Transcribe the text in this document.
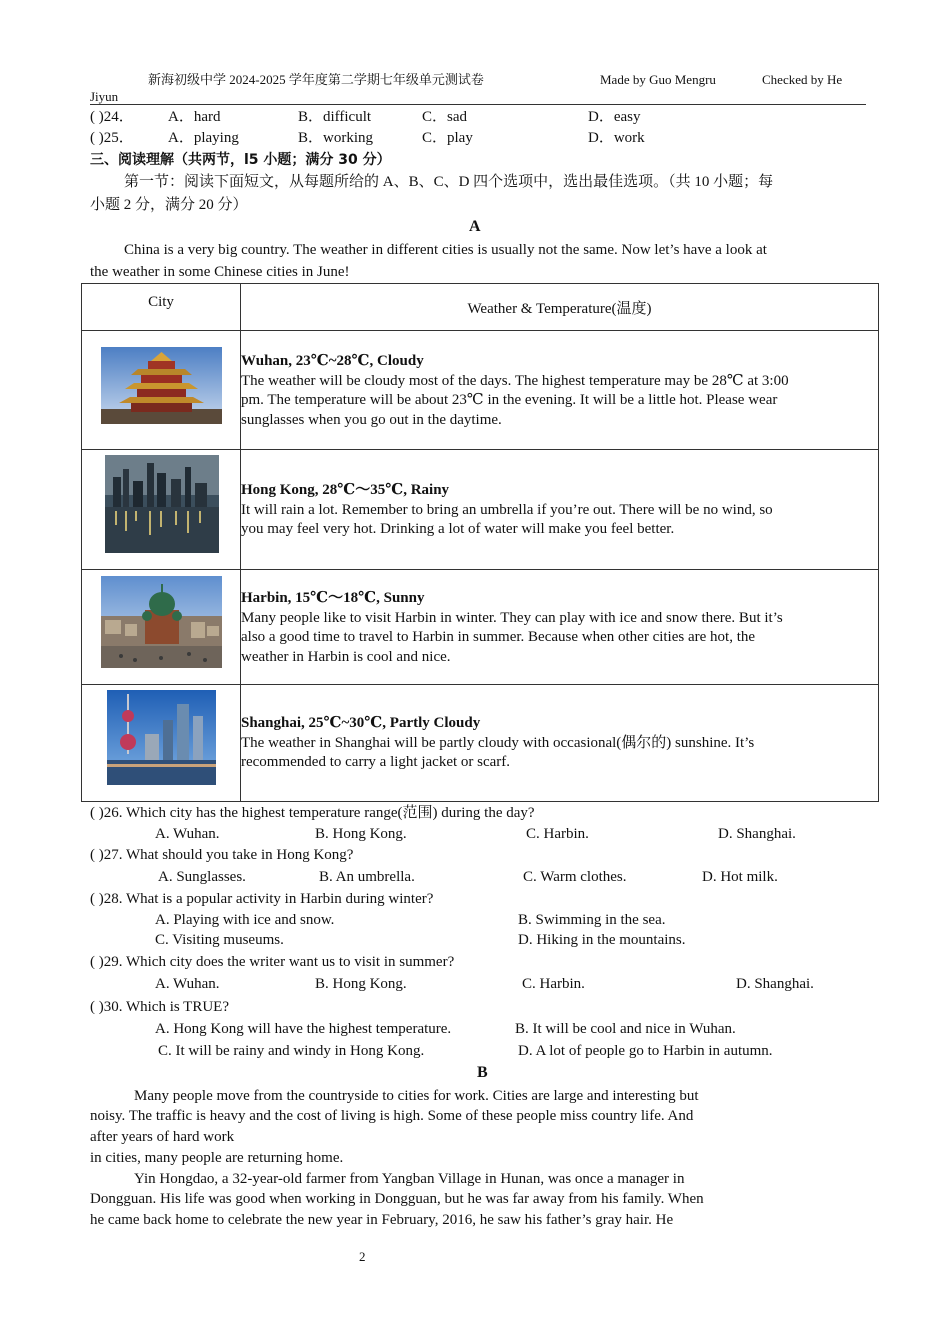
新海初级中学 2024-2025 学年度第二学期七年级单元测试卷	Made by Guo Mengru	Checked by He
Jiyun
( )24． A．hard	B．difficult	C．sad	D．easy
( )25． A．playing	B．working	C．play	D．work
三、阅读理解（共两节，l5 小题；满分 30 分）
第一节：阅读下面短文，从每题所给的 A、B、C、D 四个选项中，选出最佳选项。（共 10 小题；每
小题 2 分，满分 20 分）
A
China is a very big country. The weather in different cities is usually not the same. Now let’s have a look at
the weather in some Chinese cities in June!
City	Weather & Temperature(温度)

Wuhan, 23℃~28℃, Cloudy
The weather will be cloudy most of the days. The highest temperature may be 28℃ at 3:00
pm. The temperature will be about 23℃ in the evening. It will be a little hot. Please wear
sunglasses when you go out in the daytime.

Hong Kong, 28℃～35℃, Rainy
It will rain a lot. Remember to bring an umbrella if you’re out. There will be no wind, so
you may feel very hot. Drinking a lot of water will make you feel better.

Harbin, 15℃～18℃, Sunny
Many people like to visit Harbin in winter. They can play with ice and snow there. But it’s
also a good time to travel to Harbin in summer. Because when other cities are hot, the
weather in Harbin is cool and nice.

Shanghai, 25℃~30℃, Partly Cloudy
The weather in Shanghai will be partly cloudy with occasional(偶尔的) sunshine. It’s
recommended to carry a light jacket or scarf.
( )26. Which city has the highest temperature range(范围) during the day?
A. Wuhan.	B. Hong Kong.	C. Harbin.	D. Shanghai.
( )27. What should you take in Hong Kong?
A. Sunglasses.	B. An umbrella.	C. Warm clothes.	D. Hot milk.
( )28. What is a popular activity in Harbin during winter?
A. Playing with ice and snow.	B. Swimming in the sea.
C. Visiting museums.	D. Hiking in the mountains.
( )29. Which city does the writer want us to visit in summer?
A. Wuhan.	B. Hong Kong.	C. Harbin.	D. Shanghai.
( )30. Which is TRUE?
A. Hong Kong will have the highest temperature.	B. It will be cool and nice in Wuhan.
C. It will be rainy and windy in Hong Kong.	D. A lot of people go to Harbin in autumn.
B
Many people move from the countryside to cities for work. Cities are large and interesting but
noisy. The traffic is heavy and the cost of living is high. Some of these people miss country life. And
after years of hard work
in cities, many people are returning home.
Yin Hongdao, a 32-year-old farmer from Yangban Village in Hunan, was once a manager in
Dongguan. His life was good when working in Dongguan, but he was far away from his family. When
he came back home to celebrate the new year in February, 2016, he saw his father’s gray hair. He
2
